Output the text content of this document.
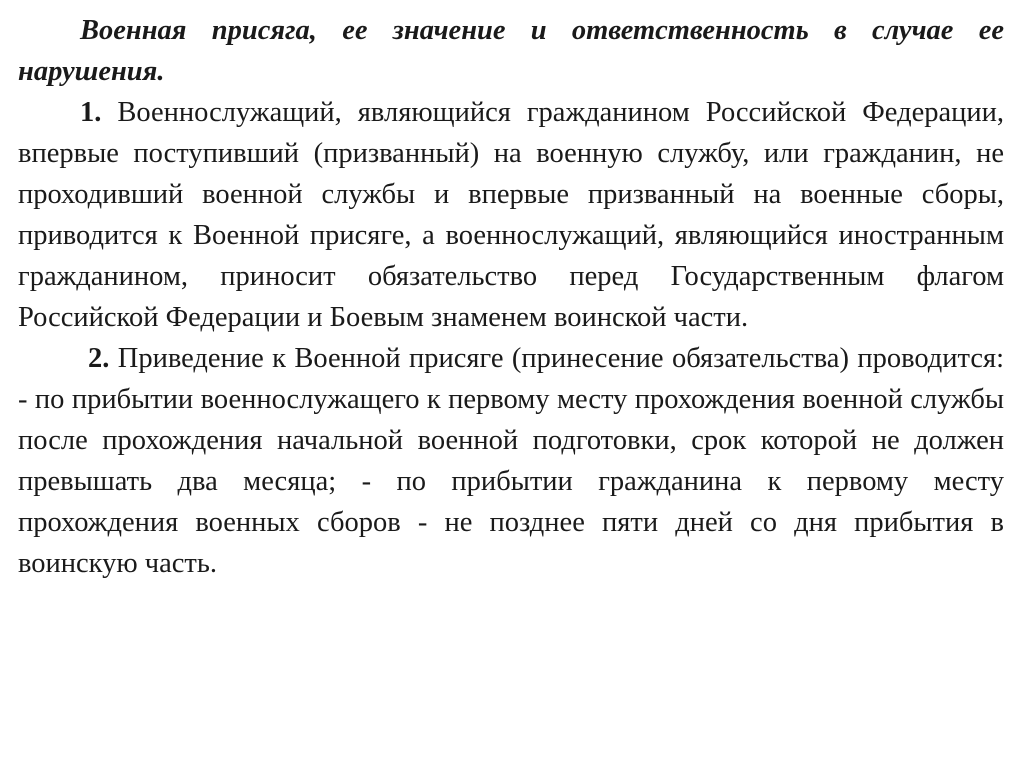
Военная присяга, ее значение и ответственность в случае ее нарушения.

1. Военнослужащий, являющийся гражданином Российской Федерации, впервые поступивший (призванный) на военную службу, или гражданин, не проходивший военной службы и впервые призванный на военные сборы, приводится к Военной присяге, а военнослужащий, являющийся иностранным гражданином, приносит обязательство перед Государственным флагом Российской Федерации и Боевым знаменем воинской части.

2. Приведение к Военной присяге (принесение обязательства) проводится: - по прибытии военнослужащего к первому месту прохождения военной службы после прохождения начальной военной подготовки, срок которой не должен превышать два месяца; - по прибытии гражданина к первому месту прохождения военных сборов - не позднее пяти дней со дня прибытия в воинскую часть.
